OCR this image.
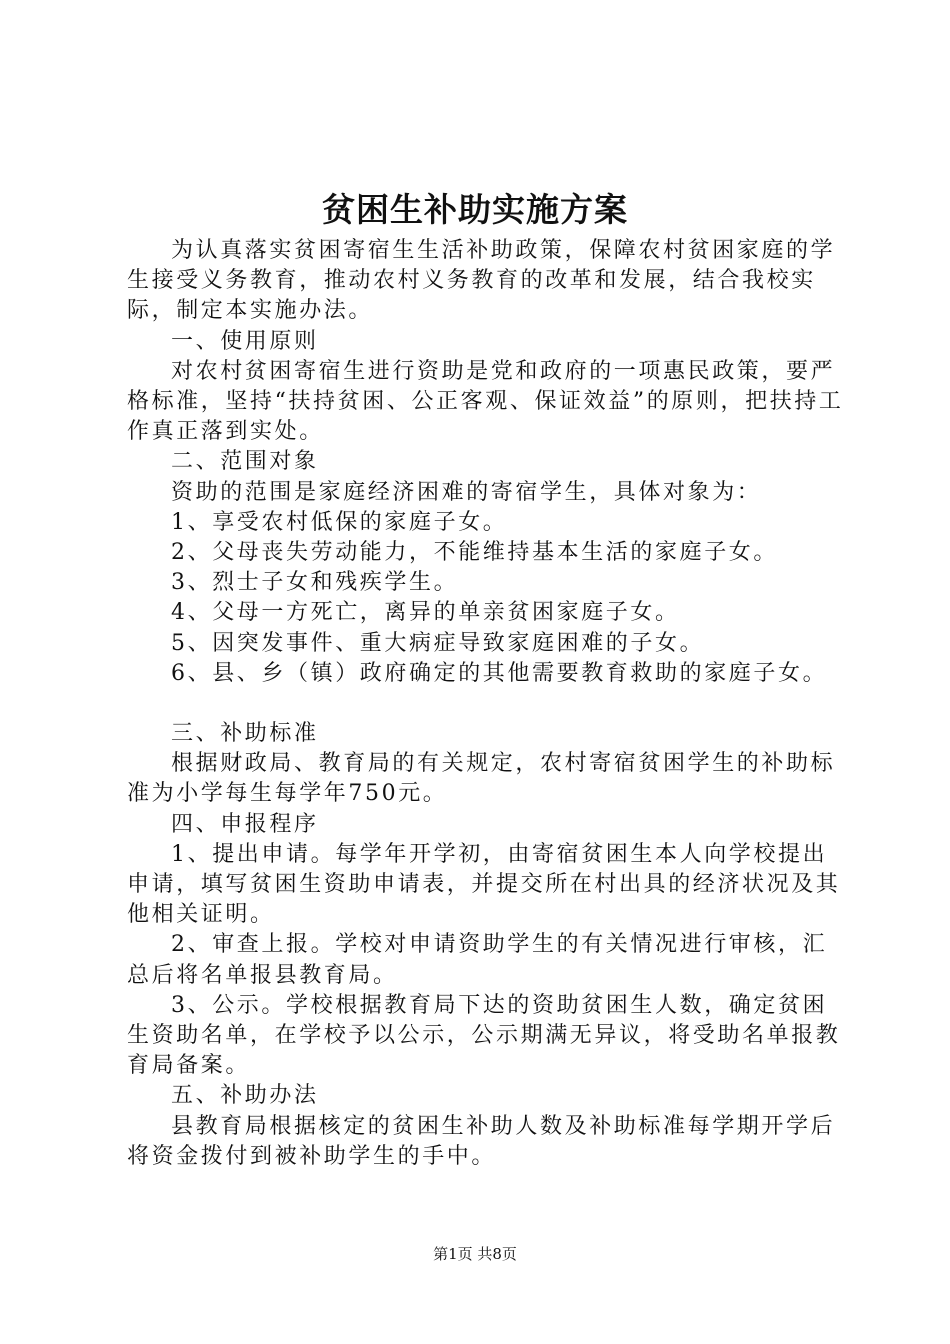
贫困生补助实施方案

为认真落实贫困寄宿生生活补助政策，保障农村贫困家庭的学生接受义务教育，推动农村义务教育的改革和发展，结合我校实际，制定本实施办法。

一、使用原则

对农村贫困寄宿生进行资助是党和政府的一项惠民政策，要严格标准，坚持“扶持贫困、公正客观、保证效益”的原则，把扶持工作真正落到实处。

二、范围对象

资助的范围是家庭经济困难的寄宿学生，具体对象为：

1、享受农村低保的家庭子女。

2、父母丧失劳动能力，不能维持基本生活的家庭子女。

3、烈士子女和残疾学生。

4、父母一方死亡，离异的单亲贫困家庭子女。

5、因突发事件、重大病症导致家庭困难的子女。

6、县、乡（镇）政府确定的其他需要教育救助的家庭子女。

三、补助标准

根据财政局、教育局的有关规定，农村寄宿贫困学生的补助标准为小学每生每学年750元。

四、申报程序

1、提出申请。每学年开学初，由寄宿贫困生本人向学校提出申请，填写贫困生资助申请表，并提交所在村出具的经济状况及其他相关证明。

2、审查上报。学校对申请资助学生的有关情况进行审核，汇总后将名单报县教育局。

3、公示。学校根据教育局下达的资助贫困生人数，确定贫困生资助名单，在学校予以公示，公示期满无异议，将受助名单报教育局备案。

五、补助办法

县教育局根据核定的贫困生补助人数及补助标准每学期开学后将资金拨付到被补助学生的手中。

第1页 共8页
